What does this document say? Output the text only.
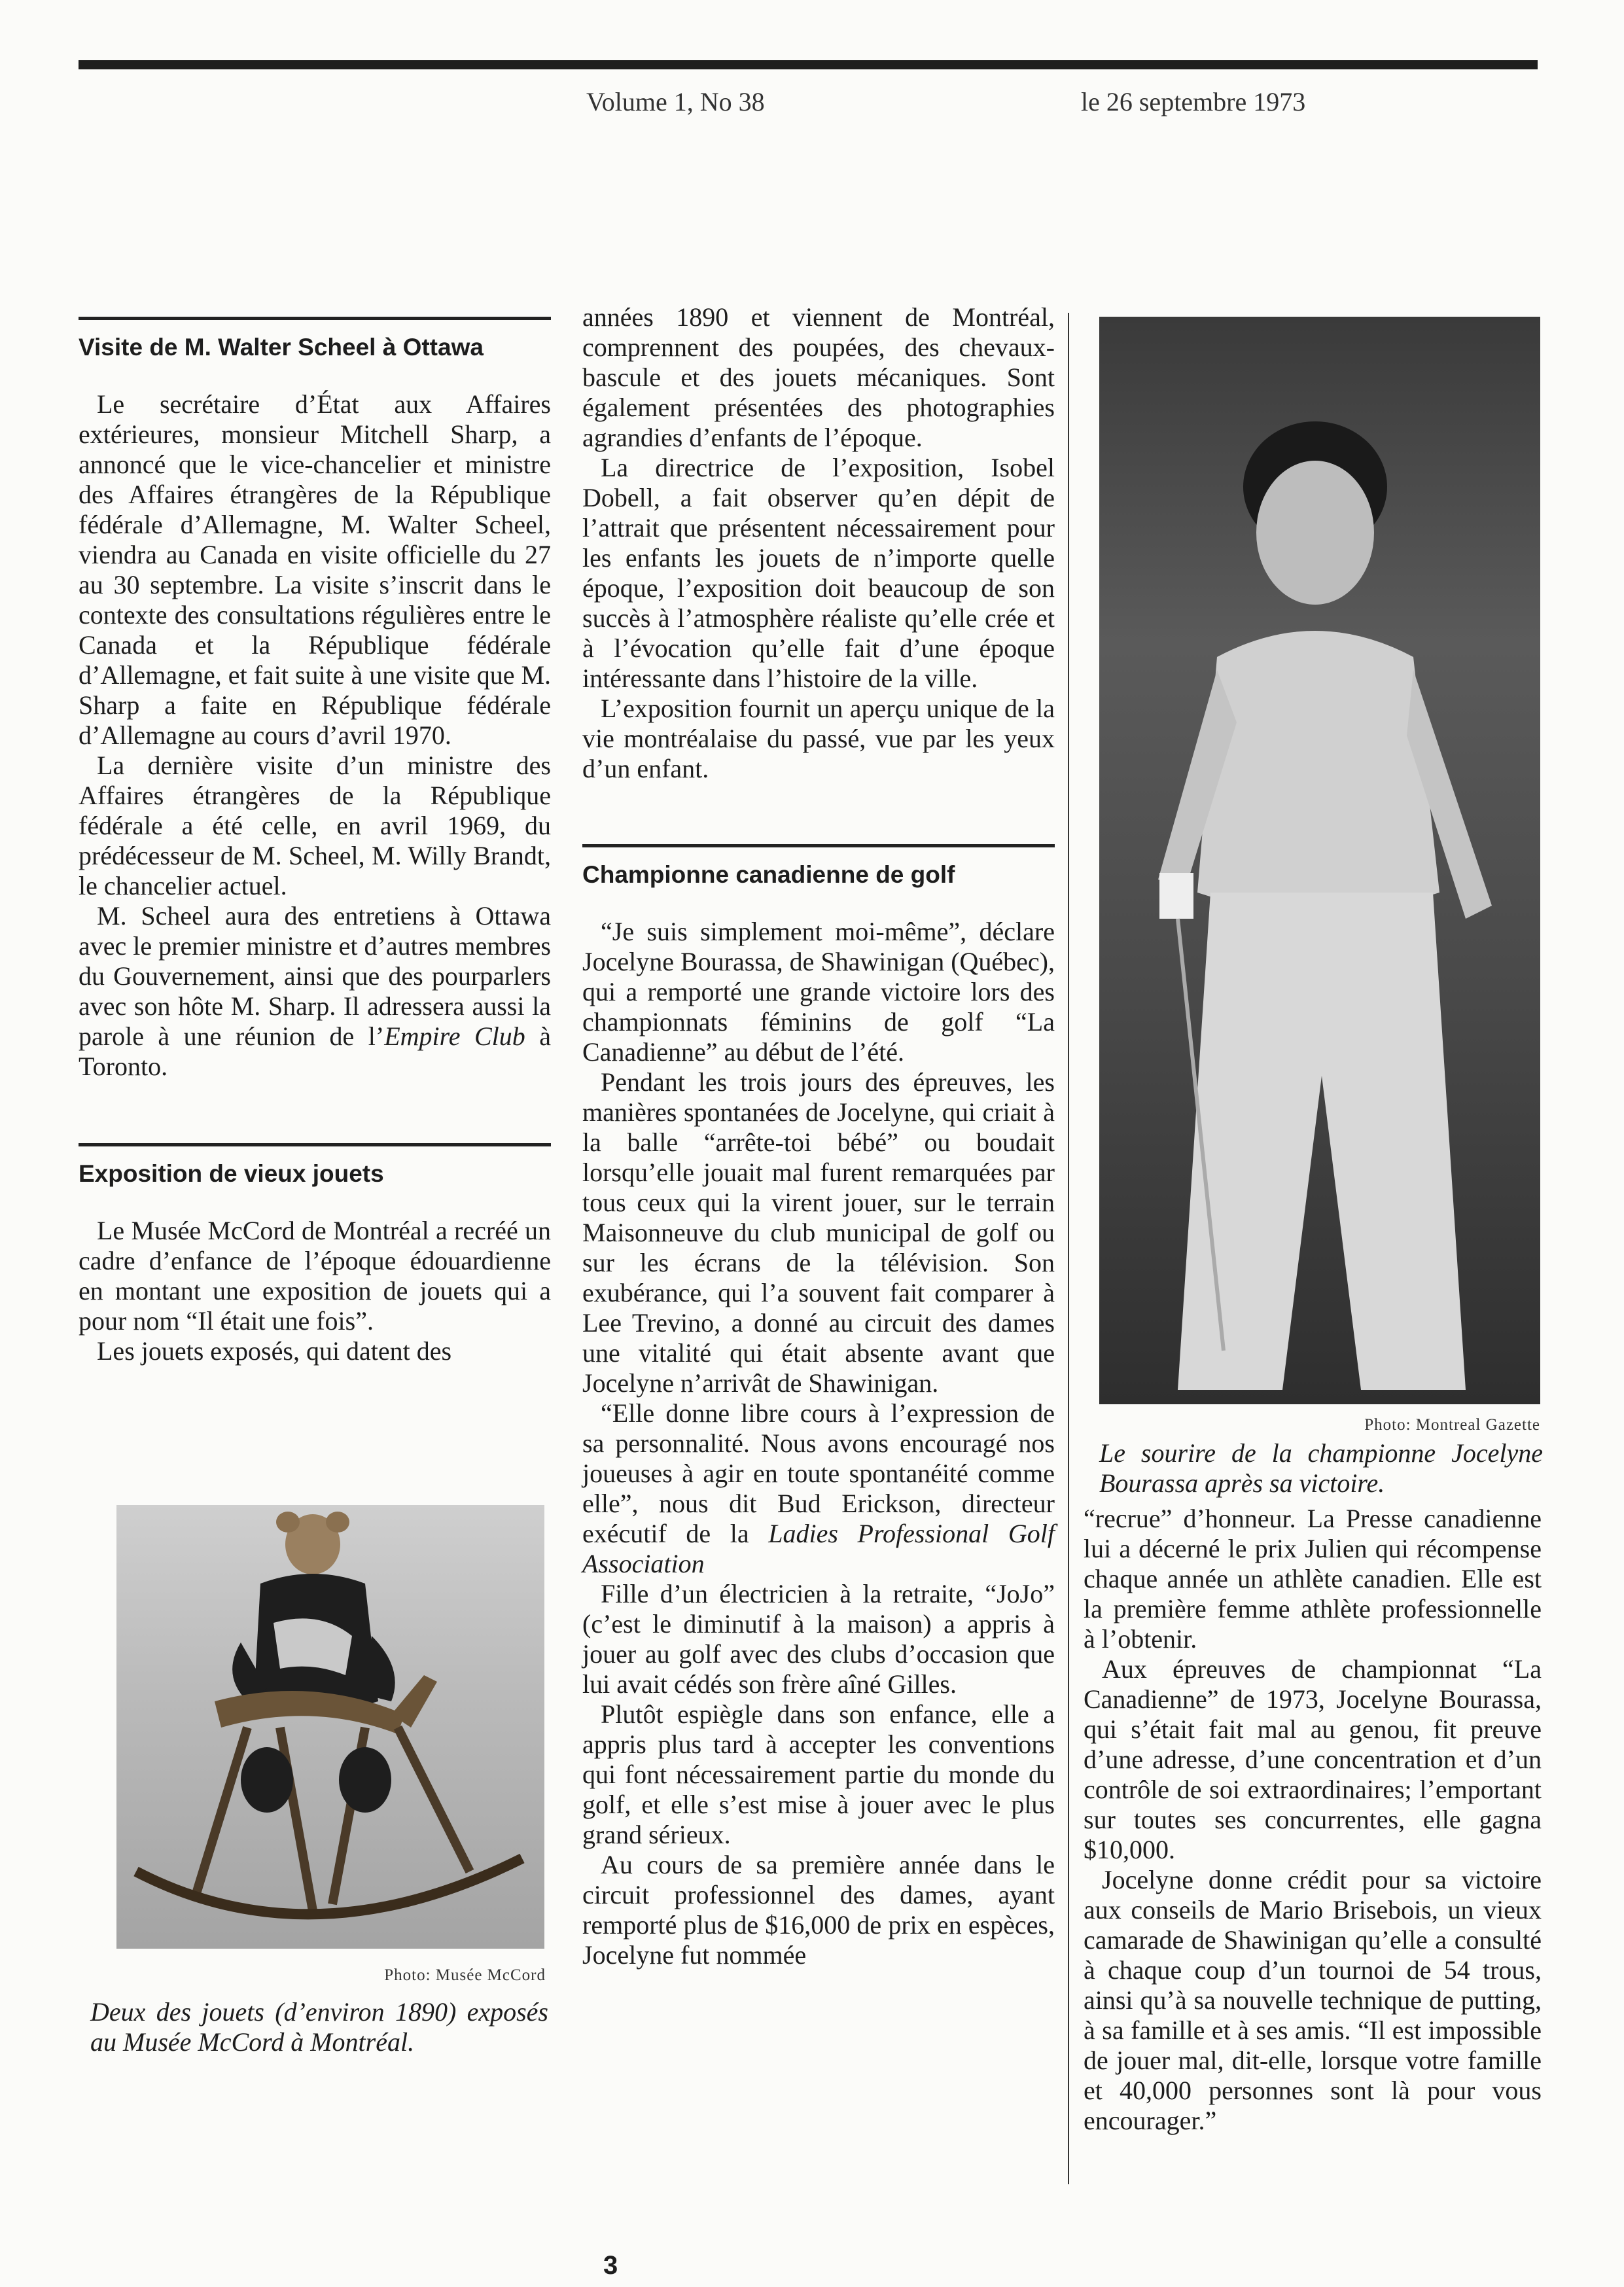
Volume 1, No 38	le 26 septembre 1973
Visite de M. Walter Scheel à Ottawa

Le secrétaire d’État aux Affaires extérieures, monsieur Mitchell Sharp, a annoncé que le vice-chancelier et ministre des Affaires étrangères de la République fédérale d’Allemagne, M. Walter Scheel, viendra au Canada en visite officielle du 27 au 30 septembre. La visite s’inscrit dans le contexte des consultations régulières entre le Canada et la République fédérale d’Allemagne, et fait suite à une visite que M. Sharp a faite en République fédérale d’Allemagne au cours d’avril 1970.

La dernière visite d’un ministre des Affaires étrangères de la République fédérale a été celle, en avril 1969, du prédécesseur de M. Scheel, M. Willy Brandt, le chancelier actuel.

M. Scheel aura des entretiens à Ottawa avec le premier ministre et d’autres membres du Gouvernement, ainsi que des pourparlers avec son hôte M. Sharp. Il adressera aussi la parole à une réunion de l’Empire Club à Toronto.

Exposition de vieux jouets

Le Musée McCord de Montréal a recréé un cadre d’enfance de l’époque édouardienne en montant une exposition de jouets qui a pour nom “Il était une fois”.

Les jouets exposés, qui datent des

Photo: Musée McCord
Deux des jouets (d’environ 1890) exposés au Musée McCord à Montréal.

années 1890 et viennent de Montréal, comprennent des poupées, des chevaux-bascule et des jouets mécaniques. Sont également présentées des photographies agrandies d’enfants de l’époque.

La directrice de l’exposition, Isobel Dobell, a fait observer qu’en dépit de l’attrait que présentent nécessairement pour les enfants les jouets de n’importe quelle époque, l’exposition doit beaucoup de son succès à l’atmosphère réaliste qu’elle crée et à l’évocation qu’elle fait d’une époque intéressante dans l’histoire de la ville.

L’exposition fournit un aperçu unique de la vie montréalaise du passé, vue par les yeux d’un enfant.

Championne canadienne de golf

“Je suis simplement moi-même”, déclare Jocelyne Bourassa, de Shawinigan (Québec), qui a remporté une grande victoire lors des championnats féminins de golf “La Canadienne” au début de l’été.

Pendant les trois jours des épreuves, les manières spontanées de Jocelyne, qui criait à la balle “arrête-toi bébé” ou boudait lorsqu’elle jouait mal furent remarquées par tous ceux qui la virent jouer, sur le terrain Maisonneuve du club municipal de golf ou sur les écrans de la télévision. Son exubérance, qui l’a souvent fait comparer à Lee Trevino, a donné au circuit des dames une vitalité qui était absente avant que Jocelyne n’arrivât de Shawinigan.

“Elle donne libre cours à l’expression de sa personnalité. Nous avons encouragé nos joueuses à agir en toute spontanéité comme elle”, nous dit Bud Erickson, directeur exécutif de la Ladies Professional Golf Association

Fille d’un électricien à la retraite, “JoJo” (c’est le diminutif à la maison) a appris à jouer au golf avec des clubs d’occasion que lui avait cédés son frère aîné Gilles.

Plutôt espiègle dans son enfance, elle a appris plus tard à accepter les conventions qui font nécessairement partie du monde du golf, et elle s’est mise à jouer avec le plus grand sérieux.

Au cours de sa première année dans le circuit professionnel des dames, ayant remporté plus de $16,000 de prix en espèces, Jocelyne fut nommée

Photo: Montreal Gazette
Le sourire de la championne Jocelyne Bourassa après sa victoire.

“recrue” d’honneur. La Presse canadienne lui a décerné le prix Julien qui récompense chaque année un athlète canadien. Elle est la première femme athlète professionnelle à l’obtenir.

Aux épreuves de championnat “La Canadienne” de 1973, Jocelyne Bourassa, qui s’était fait mal au genou, fit preuve d’une adresse, d’une concentration et d’un contrôle de soi extraordinaires; l’emportant sur toutes ses concurrentes, elle gagna $10,000.

Jocelyne donne crédit pour sa victoire aux conseils de Mario Brisebois, un vieux camarade de Shawinigan qu’elle a consulté à chaque coup d’un tournoi de 54 trous, ainsi qu’à sa nouvelle technique de putting, à sa famille et à ses amis. “Il est impossible de jouer mal, dit-elle, lorsque votre famille et 40,000 personnes sont là pour vous encourager.”

3
